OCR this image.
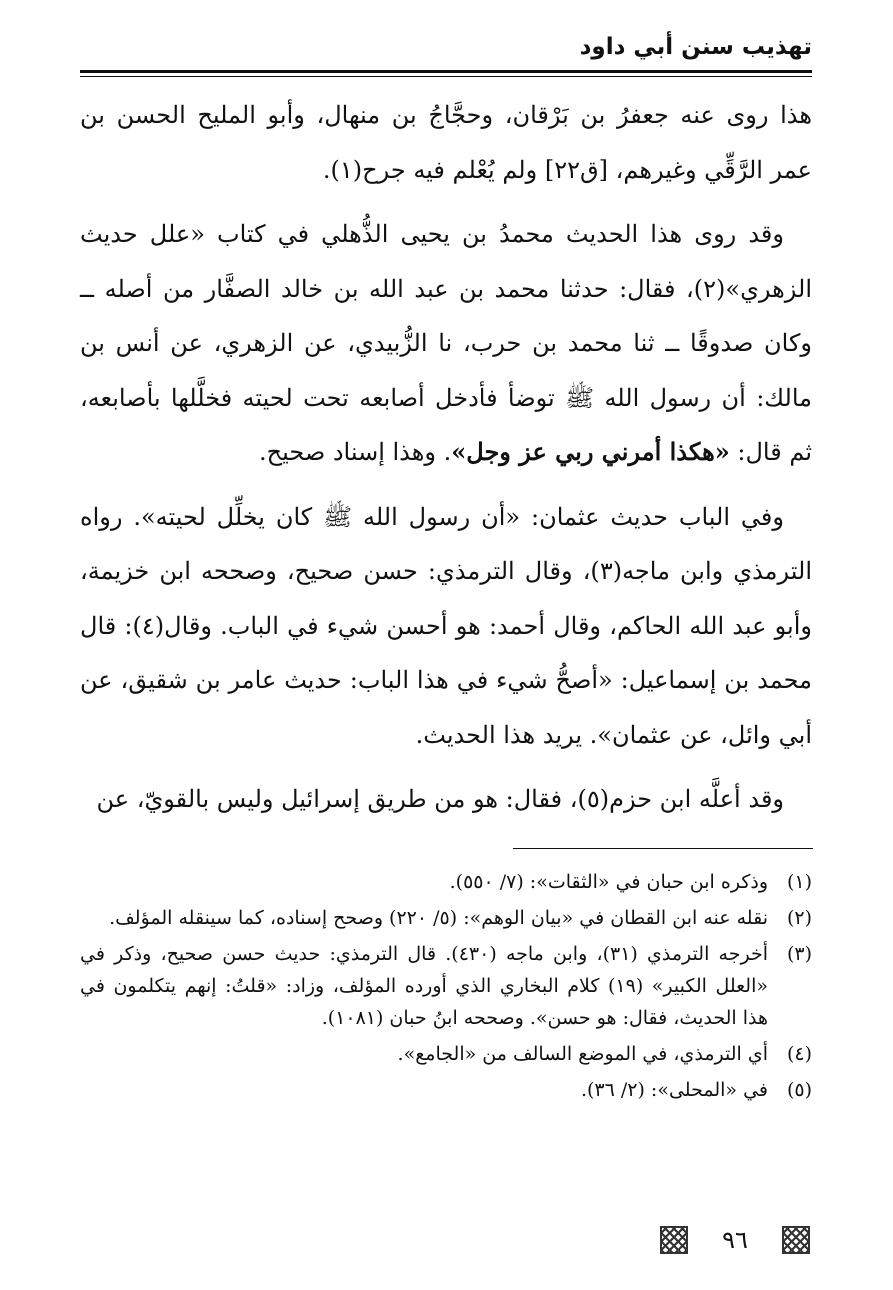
تهذيب سنن أبي داود

هذا روى عنه جعفرُ بن بَرْقان، وحجَّاجُ بن منهال، وأبو المليح الحسن بن عمر الرَّقِّي وغيرهم، [ق٢٢] ولم يُعْلم فيه جرح(١).

وقد روى هذا الحديث محمدُ بن يحيى الذُّهلي في كتاب «علل حديث الزهري»(٢)، فقال: حدثنا محمد بن عبد الله بن خالد الصفَّار من أصله ــ وكان صدوقًا ــ ثنا محمد بن حرب، نا الزُّبيدي، عن الزهري، عن أنس بن مالك: أن رسول الله ﷺ توضأ فأدخل أصابعه تحت لحيته فخلَّلها بأصابعه، ثم قال: «هكذا أمرني ربي عز وجل». وهذا إسناد صحيح.

وفي الباب حديث عثمان: «أن رسول الله ﷺ كان يخلِّل لحيته». رواه الترمذي وابن ماجه(٣)، وقال الترمذي: حسن صحيح، وصححه ابن خزيمة، وأبو عبد الله الحاكم، وقال أحمد: هو أحسن شيء في الباب. وقال(٤): قال محمد بن إسماعيل: «أصحُّ شيء في هذا الباب: حديث عامر بن شقيق، عن أبي وائل، عن عثمان». يريد هذا الحديث.

وقد أعلَّه ابن حزم(٥)، فقال: هو من طريق إسرائيل وليس بالقويّ، عن

(١)
وذكره ابن حبان في «الثقات»: (٧/ ٥٥٠).
(٢)
نقله عنه ابن القطان في «بيان الوهم»: (٥/ ٢٢٠) وصحح إسناده، كما سينقله المؤلف.
(٣)
أخرجه الترمذي (٣١)، وابن ماجه (٤٣٠). قال الترمذي: حديث حسن صحيح، وذكر في «العلل الكبير» (١٩) كلام البخاري الذي أورده المؤلف، وزاد: «قلتُ: إنهم يتكلمون في هذا الحديث، فقال: هو حسن». وصححه ابنُ حبان (١٠٨١).
(٤)
أي الترمذي، في الموضع السالف من «الجامع».
(٥)
في «المحلى»: (٢/ ٣٦).
٩٦
